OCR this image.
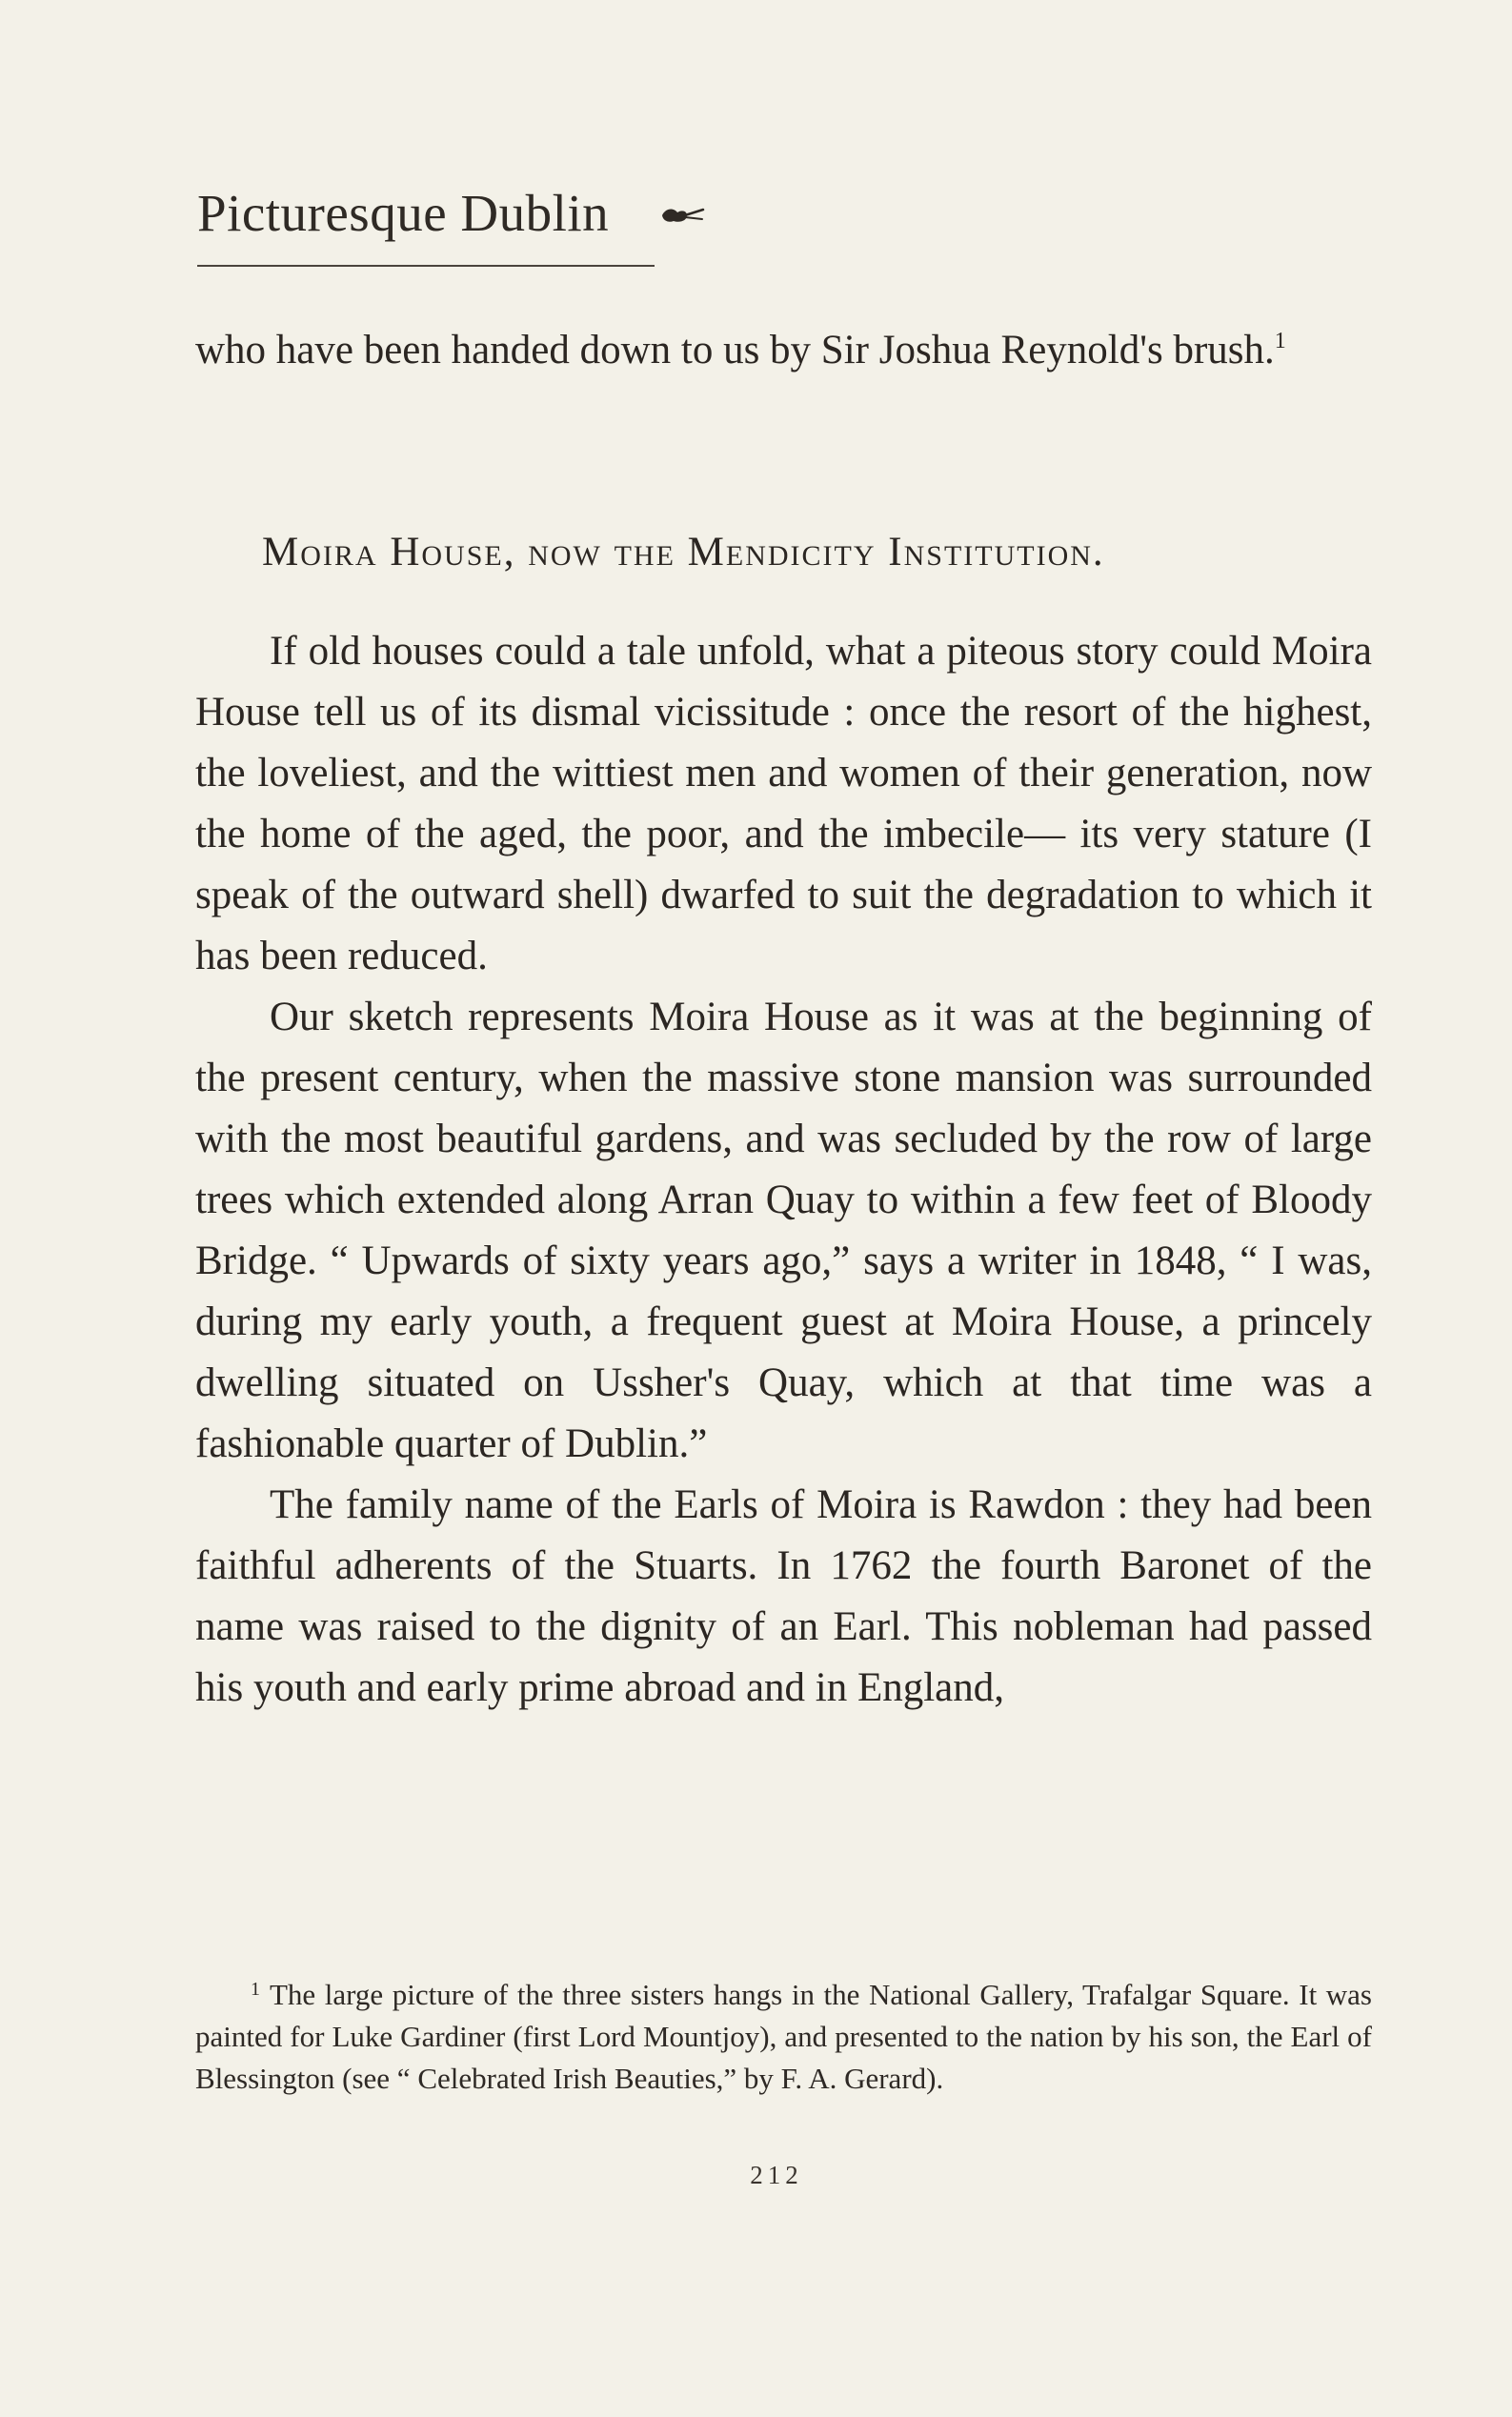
Picturesque Dublin

who have been handed down to us by Sir Joshua Reynold's brush.$^1$

Moira House, now the Mendicity Institution.

If old houses could a tale unfold, what a piteous story could Moira House tell us of its dismal vicissitude : once the resort of the highest, the loveliest, and the wittiest men and women of their generation, now the home of the aged, the poor, and the imbecile— its very stature (I speak of the outward shell) dwarfed to suit the degradation to which it has been reduced.

Our sketch represents Moira House as it was at the beginning of the present century, when the massive stone mansion was surrounded with the most beautiful gardens, and was secluded by the row of large trees which extended along Arran Quay to within a few feet of Bloody Bridge. “ Upwards of sixty years ago,” says a writer in 1848, “ I was, during my early youth, a frequent guest at Moira House, a princely dwelling situated on Ussher's Quay, which at that time was a fashionable quarter of Dublin.”

The family name of the Earls of Moira is Rawdon : they had been faithful adherents of the Stuarts. In 1762 the fourth Baronet of the name was raised to the dignity of an Earl. This nobleman had passed his youth and early prime abroad and in England,

$^1$ The large picture of the three sisters hangs in the National Gallery, Trafalgar Square. It was painted for Luke Gardiner (first Lord Mountjoy), and presented to the nation by his son, the Earl of Blessington (see “ Celebrated Irish Beauties,” by F. A. Gerard).
212
